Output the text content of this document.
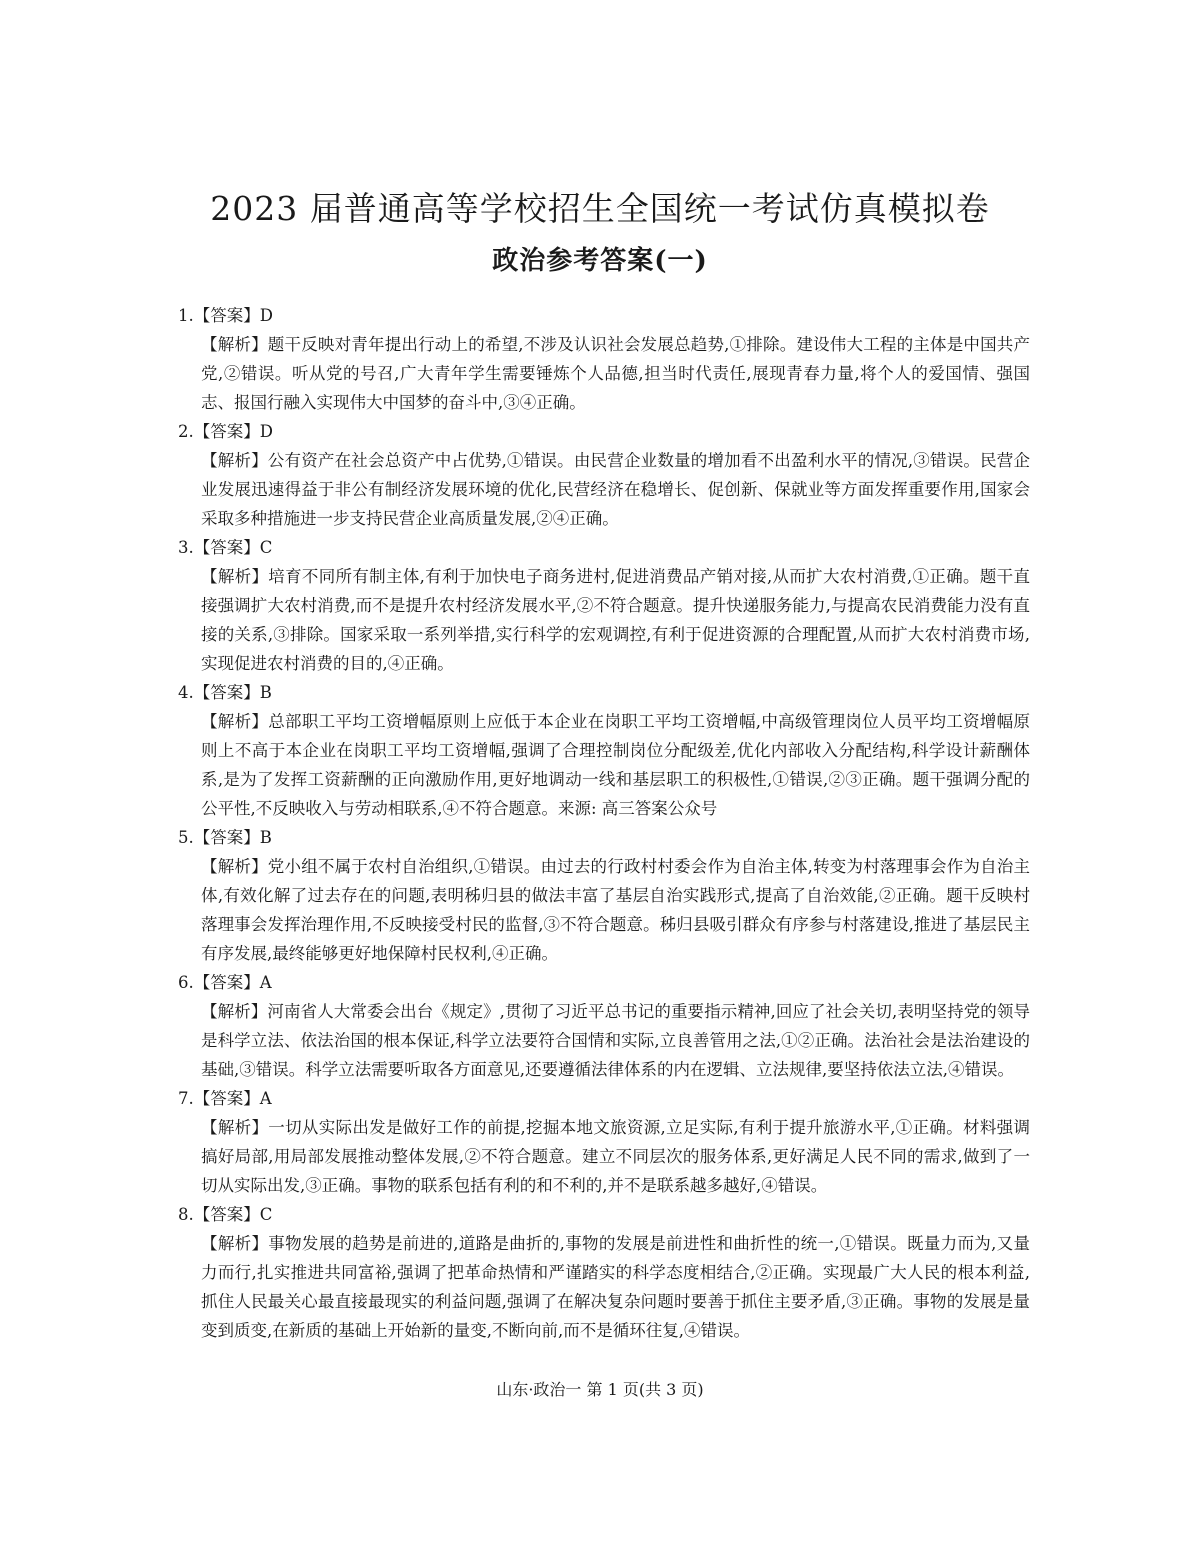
2023 届普通高等学校招生全国统一考试仿真模拟卷
政治参考答案(一)
1.【答案】D

【解析】题干反映对青年提出行动上的希望,不涉及认识社会发展总趋势,①排除。建设伟大工程的主体是中国共产党,②错误。听从党的号召,广大青年学生需要锤炼个人品德,担当时代责任,展现青春力量,将个人的爱国情、强国志、报国行融入实现伟大中国梦的奋斗中,③④正确。

2.【答案】D

【解析】公有资产在社会总资产中占优势,①错误。由民营企业数量的增加看不出盈利水平的情况,③错误。民营企业发展迅速得益于非公有制经济发展环境的优化,民营经济在稳增长、促创新、保就业等方面发挥重要作用,国家会采取多种措施进一步支持民营企业高质量发展,②④正确。

3.【答案】C

【解析】培育不同所有制主体,有利于加快电子商务进村,促进消费品产销对接,从而扩大农村消费,①正确。题干直接强调扩大农村消费,而不是提升农村经济发展水平,②不符合题意。提升快递服务能力,与提高农民消费能力没有直接的关系,③排除。国家采取一系列举措,实行科学的宏观调控,有利于促进资源的合理配置,从而扩大农村消费市场,实现促进农村消费的目的,④正确。

4.【答案】B

【解析】总部职工平均工资增幅原则上应低于本企业在岗职工平均工资增幅,中高级管理岗位人员平均工资增幅原则上不高于本企业在岗职工平均工资增幅,强调了合理控制岗位分配级差,优化内部收入分配结构,科学设计薪酬体系,是为了发挥工资薪酬的正向激励作用,更好地调动一线和基层职工的积极性,①错误,②③正确。题干强调分配的公平性,不反映收入与劳动相联系,④不符合题意。来源: 高三答案公众号

5.【答案】B

【解析】党小组不属于农村自治组织,①错误。由过去的行政村村委会作为自治主体,转变为村落理事会作为自治主体,有效化解了过去存在的问题,表明秭归县的做法丰富了基层自治实践形式,提高了自治效能,②正确。题干反映村落理事会发挥治理作用,不反映接受村民的监督,③不符合题意。秭归县吸引群众有序参与村落建设,推进了基层民主有序发展,最终能够更好地保障村民权利,④正确。

6.【答案】A

【解析】河南省人大常委会出台《规定》,贯彻了习近平总书记的重要指示精神,回应了社会关切,表明坚持党的领导是科学立法、依法治国的根本保证,科学立法要符合国情和实际,立良善管用之法,①②正确。法治社会是法治建设的基础,③错误。科学立法需要听取各方面意见,还要遵循法律体系的内在逻辑、立法规律,要坚持依法立法,④错误。

7.【答案】A

【解析】一切从实际出发是做好工作的前提,挖掘本地文旅资源,立足实际,有利于提升旅游水平,①正确。材料强调搞好局部,用局部发展推动整体发展,②不符合题意。建立不同层次的服务体系,更好满足人民不同的需求,做到了一切从实际出发,③正确。事物的联系包括有利的和不利的,并不是联系越多越好,④错误。

8.【答案】C

【解析】事物发展的趋势是前进的,道路是曲折的,事物的发展是前进性和曲折性的统一,①错误。既量力而为,又量力而行,扎实推进共同富裕,强调了把革命热情和严谨踏实的科学态度相结合,②正确。实现最广大人民的根本利益,抓住人民最关心最直接最现实的利益问题,强调了在解决复杂问题时要善于抓住主要矛盾,③正确。事物的发展是量变到质变,在新质的基础上开始新的量变,不断向前,而不是循环往复,④错误。

山东·政治一 第 1 页(共 3 页)
